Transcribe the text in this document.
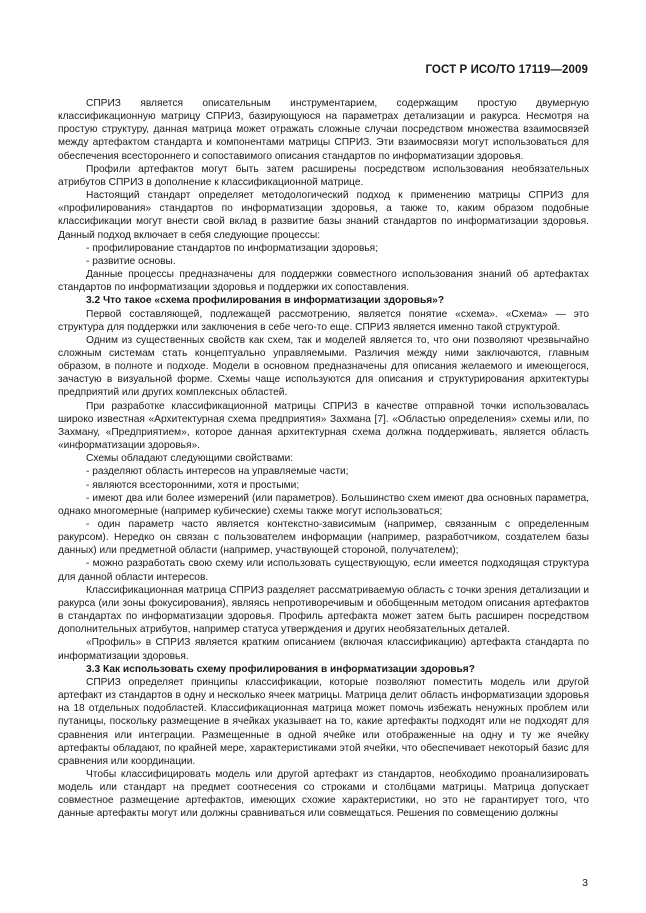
ГОСТ Р ИСО/ТО 17119—2009

СПРИЗ является описательным инструментарием, содержащим простую двумерную классификационную матрицу СПРИЗ, базирующуюся на параметрах детализации и ракурса. Несмотря на простую структуру, данная матрица может отражать сложные случаи посредством множества взаимосвязей между артефактом стандарта и компонентами матрицы СПРИЗ. Эти взаимосвязи могут использоваться для обеспечения всестороннего и сопоставимого описания стандартов по информатизации здоровья.

Профили артефактов могут быть затем расширены посредством использования необязательных атрибутов СПРИЗ в дополнение к классификационной матрице.

Настоящий стандарт определяет методологический подход к применению матрицы СПРИЗ для «профилирования» стандартов по информатизации здоровья, а также то, каким образом подобные классификации могут внести свой вклад в развитие базы знаний стандартов по информатизации здоровья. Данный подход включает в себя следующие процессы:

- профилирование стандартов по информатизации здоровья;

- развитие основы.

Данные процессы предназначены для поддержки совместного использования знаний об артефактах стандартов по информатизации здоровья и поддержки их сопоставления.

3.2 Что такое «схема профилирования в информатизации здоровья»?

Первой составляющей, подлежащей рассмотрению, является понятие «схема». «Схема» — это структура для поддержки или заключения в себе чего-то еще. СПРИЗ является именно такой структурой.

Одним из существенных свойств как схем, так и моделей является то, что они позволяют чрезвычайно сложным системам стать концептуально управляемыми. Различия между ними заключаются, главным образом, в полноте и подходе. Модели в основном предназначены для описания желаемого и имеющегося, зачастую в визуальной форме. Схемы чаще используются для описания и структурирования архитектуры предприятий или других комплексных областей.

При разработке классификационной матрицы СПРИЗ в качестве отправной точки использовалась широко известная «Архитектурная схема предприятия» Захмана [7]. «Областью определения» схемы или, по Захману, «Предприятием», которое данная архитектурная схема должна поддерживать, является область «информатизации здоровья».

Схемы обладают следующими свойствами:

- разделяют область интересов на управляемые части;

- являются всесторонними, хотя и простыми;

- имеют два или более измерений (или параметров). Большинство схем имеют два основных параметра, однако многомерные (например кубические) схемы также могут использоваться;

- один параметр часто является контекстно-зависимым (например, связанным с определенным ракурсом). Нередко он связан с пользователем информации (например, разработчиком, создателем базы данных) или предметной области (например, участвующей стороной, получателем);

- можно разработать свою схему или использовать существующую, если имеется подходящая структура для данной области интересов.

Классификационная матрица СПРИЗ разделяет рассматриваемую область с точки зрения детализации и ракурса (или зоны фокусирования), являясь непротиворечивым и обобщенным методом описания артефактов в стандартах по информатизации здоровья. Профиль артефакта может затем быть расширен посредством дополнительных атрибутов, например статуса утверждения и других необязательных деталей.

«Профиль» в СПРИЗ является кратким описанием (включая классификацию) артефакта стандарта по информатизации здоровья.

3.3 Как использовать схему профилирования в информатизации здоровья?

СПРИЗ определяет принципы классификации, которые позволяют поместить модель или другой артефакт из стандартов в одну и несколько ячеек матрицы. Матрица делит область информатизации здоровья на 18 отдельных подобластей. Классификационная матрица может помочь избежать ненужных проблем или путаницы, поскольку размещение в ячейках указывает на то, какие артефакты подходят или не подходят для сравнения или интеграции. Размещенные в одной ячейке или отображенные на одну и ту же ячейку артефакты обладают, по крайней мере, характеристиками этой ячейки, что обеспечивает некоторый базис для сравнения или координации.

Чтобы классифицировать модель или другой артефакт из стандартов, необходимо проанализировать модель или стандарт на предмет соотнесения со строками и столбцами матрицы. Матрица допускает совместное размещение артефактов, имеющих схожие характеристики, но это не гарантирует того, что данные артефакты могут или должны сравниваться или совмещаться. Решения по совмещению должны

3
